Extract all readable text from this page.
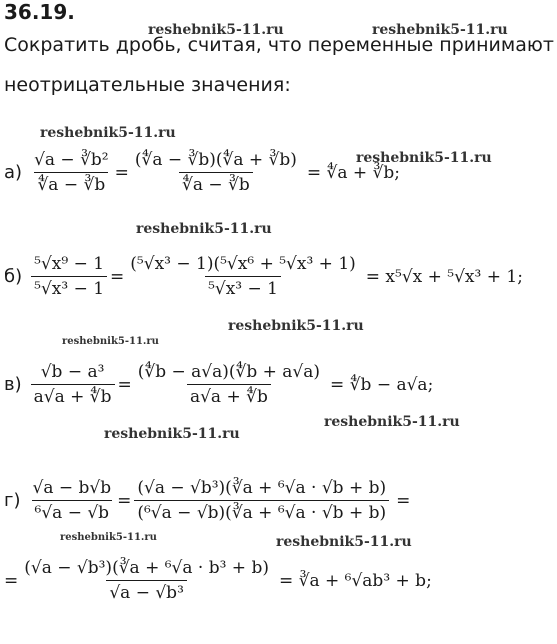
36.19.
Сократить дробь, считая, что переменные принимают
неотрицательные значения:
reshebnik5-11.ru	reshebnik5-11.ru
reshebnik5-11.ru
reshebnik5-11.ru
reshebnik5-11.ru
reshebnik5-11.ru
reshebnik5-11.ru
reshebnik5-11.ru
reshebnik5-11.ru
reshebnik5-11.ru	reshebnik5-11.ru
$а) \frac{\text{√a − ∛b²}}{∜a - ∛b} = \frac{(∜a - ∛b)(∜a + ∛b)}{∜a - ∛b}$ = ∜a + ∛b;
$б) \frac{\text{⁵√x⁹ − 1}}{\text{⁵√x³ − 1}} = \frac{\text{(⁵√x³ − 1)(⁵√x⁶ + ⁵√x³ + 1)}}{\text{⁵√x³ − 1}} = x^5√x + ^5√x^3 + 1$;
$в) \frac{\text{√b − a³}}{a√a + ∜b} = \frac{(∜b - a√a)(∜b + a√a)}{a√a + ∜b}$ = ∜b − a√a;
$г) \frac{√a - b√b}{\text{⁶√a − √b}} = \frac{\text{(√a − √b³)(∛a + ⁶√a · √b + b)}}{\text{(⁶√a − √b)(∛a + ⁶√a · √b + b)}}$ =
= $\frac{\text{(√a − √b³)(∛a + ⁶√a · b³ + b)}}{\text{√a − √b³}}$ = ∛a + ⁶√ab³ + b;
